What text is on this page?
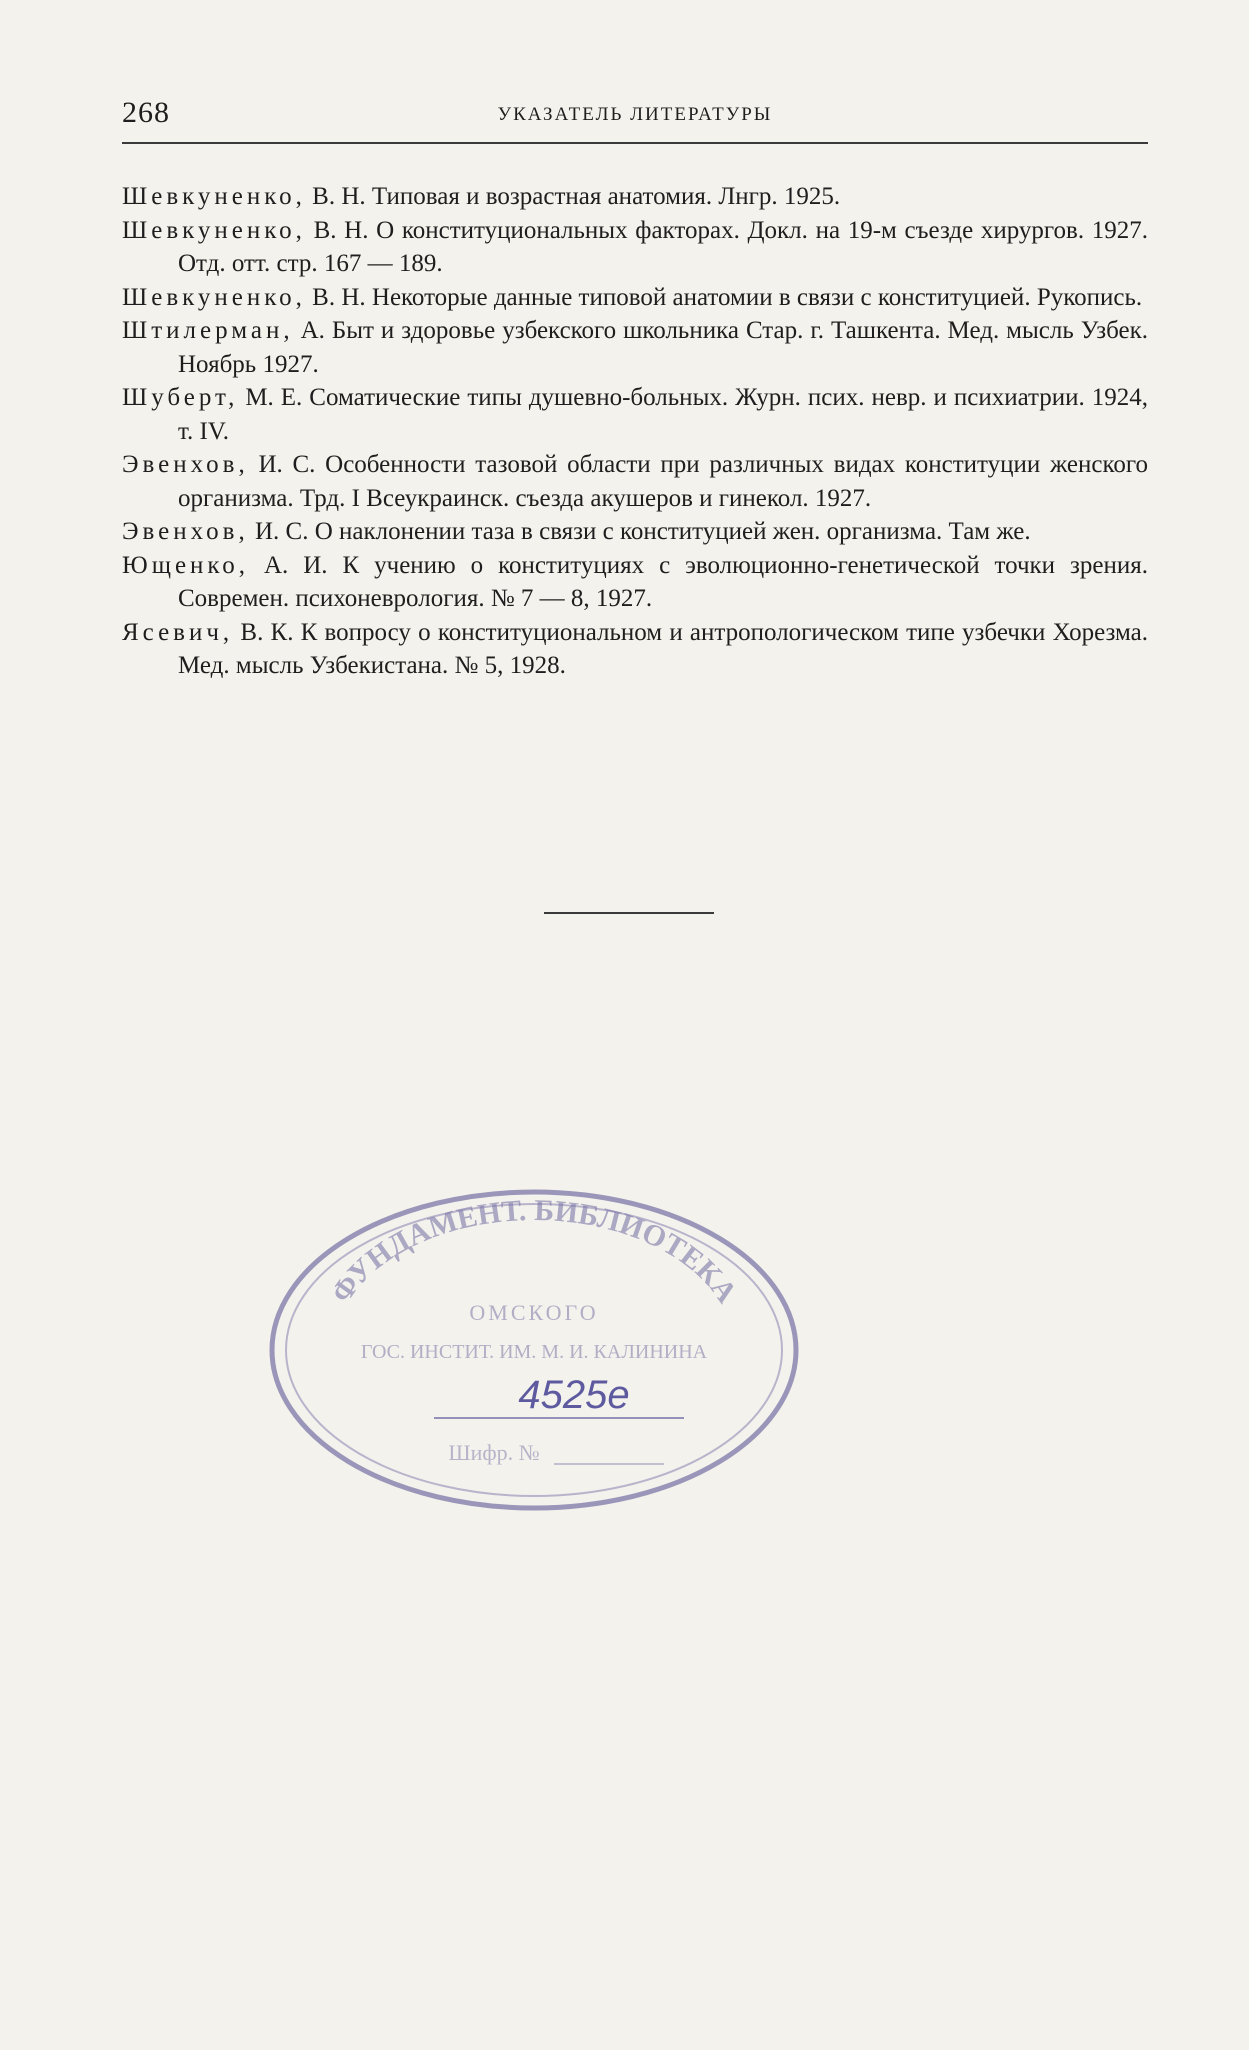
268	УКАЗАТЕЛЬ ЛИТЕРАТУРЫ

Шевкуненко, В. Н. Типовая и возрастная анатомия. Лнгр. 1925.

Шевкуненко, В. Н. О конституциональных факторах. Докл. на 19-м съезде хирургов. 1927. Отд. отт. стр. 167 — 189.

Шевкуненко, В. Н. Некоторые данные типовой анатомии в связи с конституцией. Рукопись.

Штилерман, А. Быт и здоровье узбекского школьника Стар. г. Ташкента. Мед. мысль Узбек. Ноябрь 1927.

Шуберт, М. Е. Соматические типы душевно-больных. Журн. псих. невр. и психиатрии. 1924, т. IV.

Эвенхов, И. С. Особенности тазовой области при различных видах конституции женского организма. Трд. I Всеукраинск. съезда акушеров и гинекол. 1927.

Эвенхов, И. С. О наклонении таза в связи с конституцией жен. организма. Там же.

Ющенко, А. И. К учению о конституциях с эволюционно-генетической точки зрения. Современ. психоневрология. № 7 — 8, 1927.

Ясевич, В. К. К вопросу о конституциональном и антропологическом типе узбечки Хорезма. Мед. мысль Узбекистана. № 5, 1928.

ФУНДАМЕНТ. БИБЛИОТЕКА
ОМСКОГО
ГОС. ИНСТИТ. ИМ. М. И. КАЛИНИНА
4525е
Шифр. №
